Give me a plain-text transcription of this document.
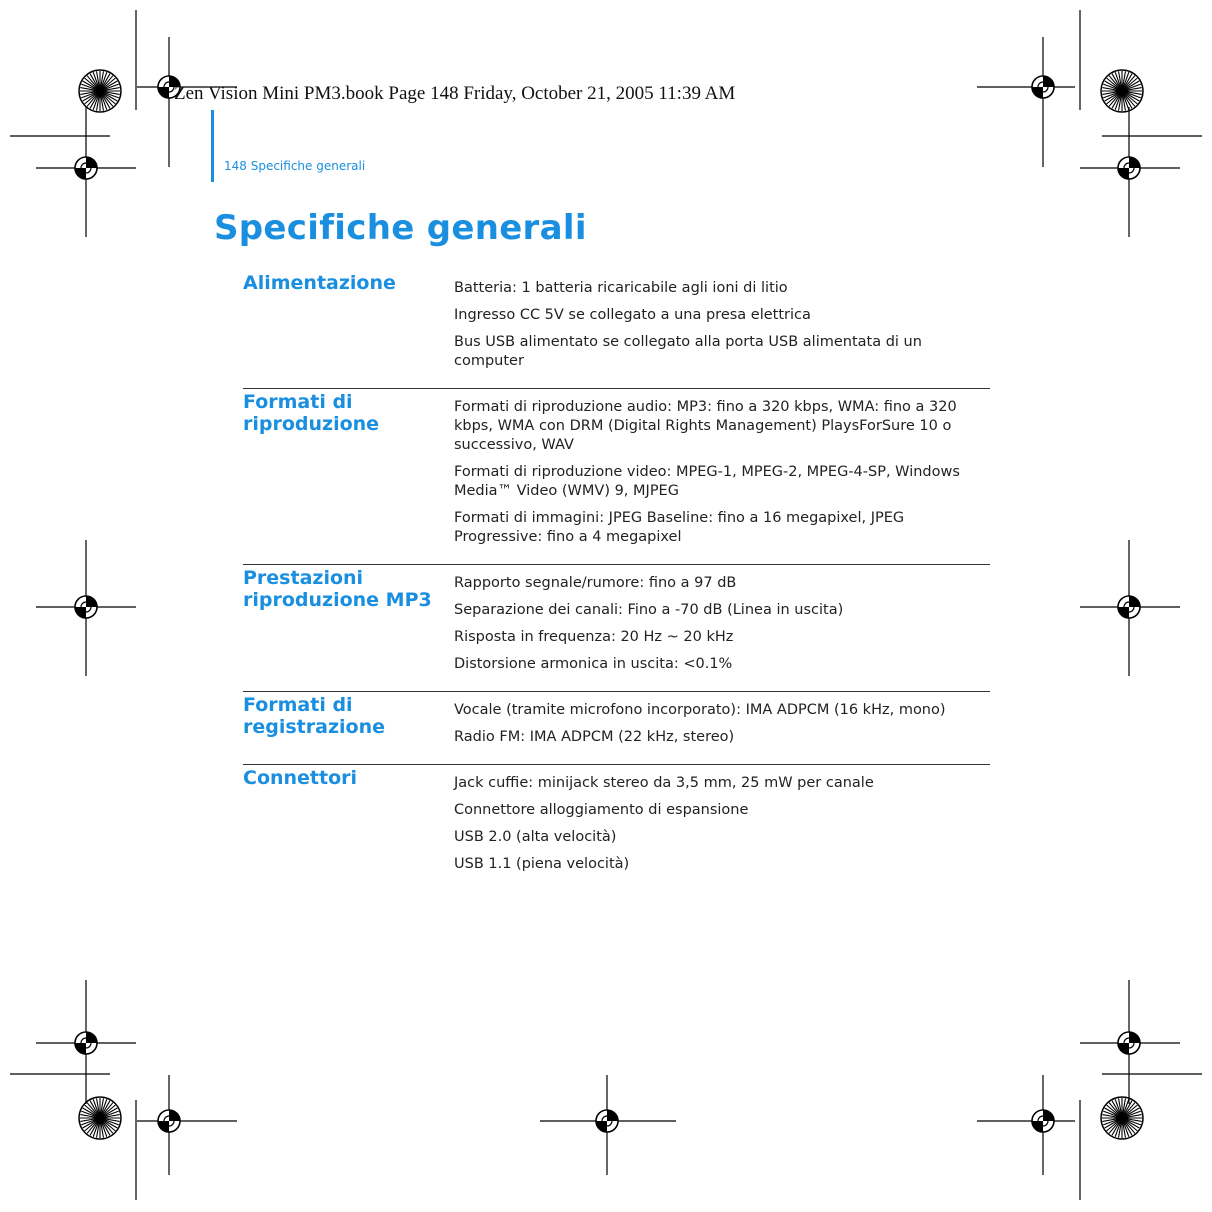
Zen Vision Mini PM3.book Page 148 Friday, October 21, 2005 11:39 AM
148 Specifiche generali
Specifiche generali
Alimentazione	Batteria: 1 batteria ricaricabile agli ioni di litio
Ingresso CC 5V se collegato a una presa elettrica
Bus USB alimentato se collegato alla porta USB alimentata di un computer
Formati di riproduzione
Formati di riproduzione audio: MP3: fino a 320 kbps, WMA: fino a 320 kbps, WMA con DRM (Digital Rights Management) PlaysForSure 10 o successivo, WAV
Formati di riproduzione video: MPEG-1, MPEG-2, MPEG-4-SP, Windows Media™ Video (WMV) 9, MJPEG
Formati di immagini: JPEG Baseline: fino a 16 megapixel, JPEG Progressive: fino a 4 megapixel
Prestazioni riproduzione MP3
Rapporto segnale/rumore: fino a 97 dB
Separazione dei canali: Fino a -70 dB (Linea in uscita)
Risposta in frequenza: 20 Hz ~ 20 kHz
Distorsione armonica in uscita: <0.1%
Formati di registrazione
Vocale (tramite microfono incorporato): IMA ADPCM (16 kHz, mono)
Radio FM: IMA ADPCM (22 kHz, stereo)
Connettori	Jack cuffie: minijack stereo da 3,5 mm, 25 mW per canale
Connettore alloggiamento di espansione
USB 2.0 (alta velocità)
USB 1.1 (piena velocità)
